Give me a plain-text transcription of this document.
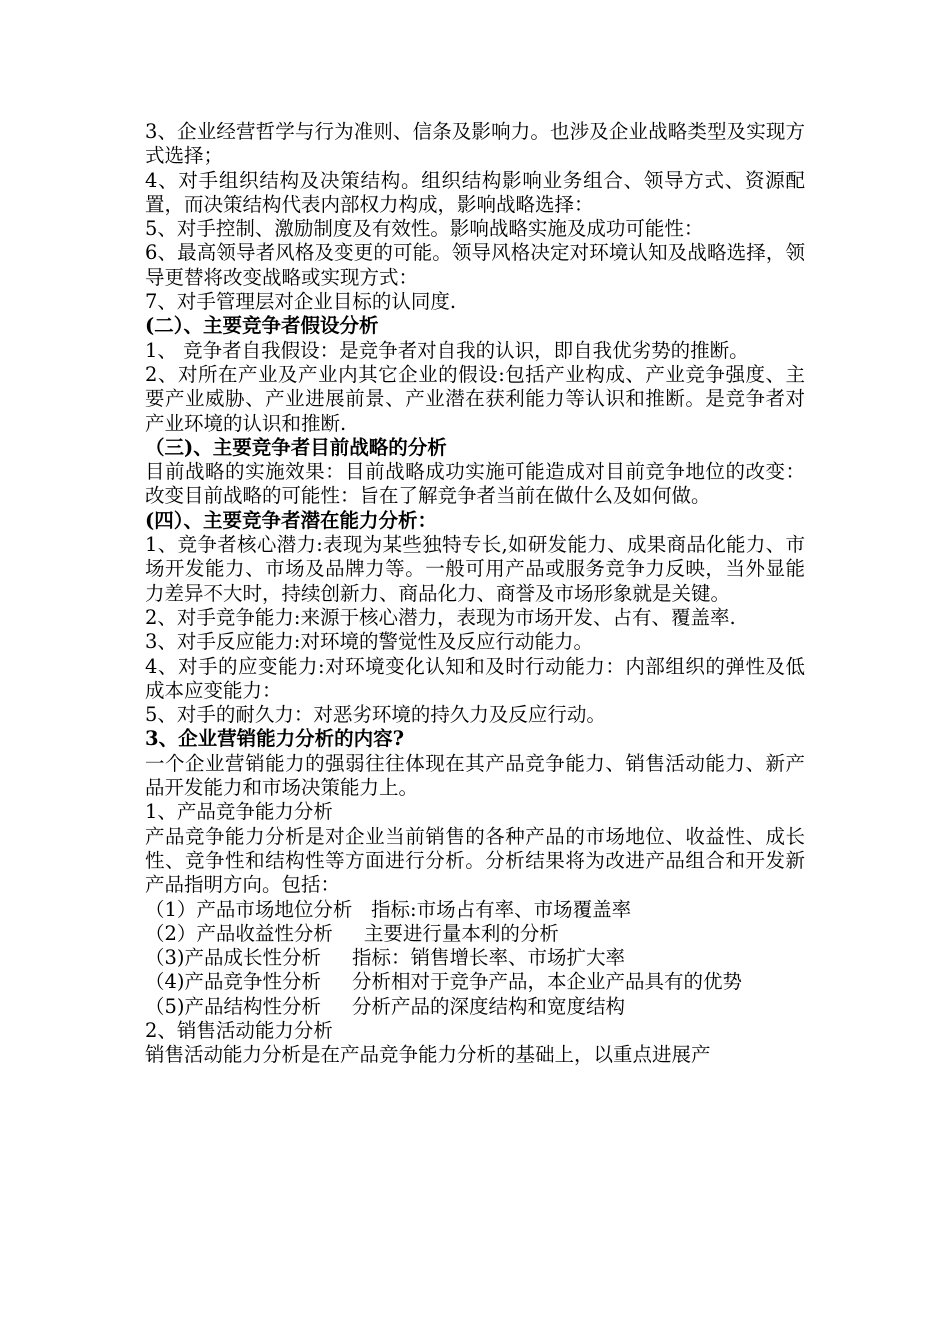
3、企业经营哲学与行为准则、信条及影响力。也涉及企业战略类型及实现方式选择；

4、对手组织结构及决策结构。组织结构影响业务组合、领导方式、资源配置，而决策结构代表内部权力构成，影响战略选择：

5、对手控制、激励制度及有效性。影响战略实施及成功可能性：

6、最高领导者风格及变更的可能。领导风格决定对环境认知及战略选择，领导更替将改变战略或实现方式：

7、对手管理层对企业目标的认同度.

(二）、主要竞争者假设分析

1、 竞争者自我假设：是竞争者对自我的认识，即自我优劣势的推断。

2、对所在产业及产业内其它企业的假设:包括产业构成、产业竞争强度、主要产业威胁、产业进展前景、产业潜在获利能力等认识和推断。是竞争者对产业环境的认识和推断.

（三)、主要竞争者目前战略的分析

目前战略的实施效果：目前战略成功实施可能造成对目前竞争地位的改变：改变目前战略的可能性：旨在了解竞争者当前在做什么及如何做。

(四）、主要竞争者潜在能力分析：

1、竞争者核心潜力:表现为某些独特专长,如研发能力、成果商品化能力、市场开发能力、市场及品牌力等。一般可用产品或服务竞争力反映，当外显能力差异不大时，持续创新力、商品化力、商誉及市场形象就是关键。

2、对手竞争能力:来源于核心潜力，表现为市场开发、占有、覆盖率.

3、对手反应能力:对环境的警觉性及反应行动能力。

4、对手的应变能力:对环境变化认知和及时行动能力：内部组织的弹性及低成本应变能力：

5、对手的耐久力：对恶劣环境的持久力及反应行动。

3、企业营销能力分析的内容?

一个企业营销能力的强弱往往体现在其产品竞争能力、销售活动能力、新产品开发能力和市场决策能力上。

1、产品竞争能力分析

产品竞争能力分析是对企业当前销售的各种产品的市场地位、收益性、成长性、竞争性和结构性等方面进行分析。分析结果将为改进产品组合和开发新产品指明方向。包括：

（1）产品市场地位分析   指标:市场占有率、市场覆盖率

（2）产品收益性分析     主要进行量本利的分析

（3)产品成长性分析     指标：销售增长率、市场扩大率

（4)产品竞争性分析     分析相对于竞争产品，本企业产品具有的优势

（5)产品结构性分析     分析产品的深度结构和宽度结构

2、销售活动能力分析

销售活动能力分析是在产品竞争能力分析的基础上，以重点进展产
